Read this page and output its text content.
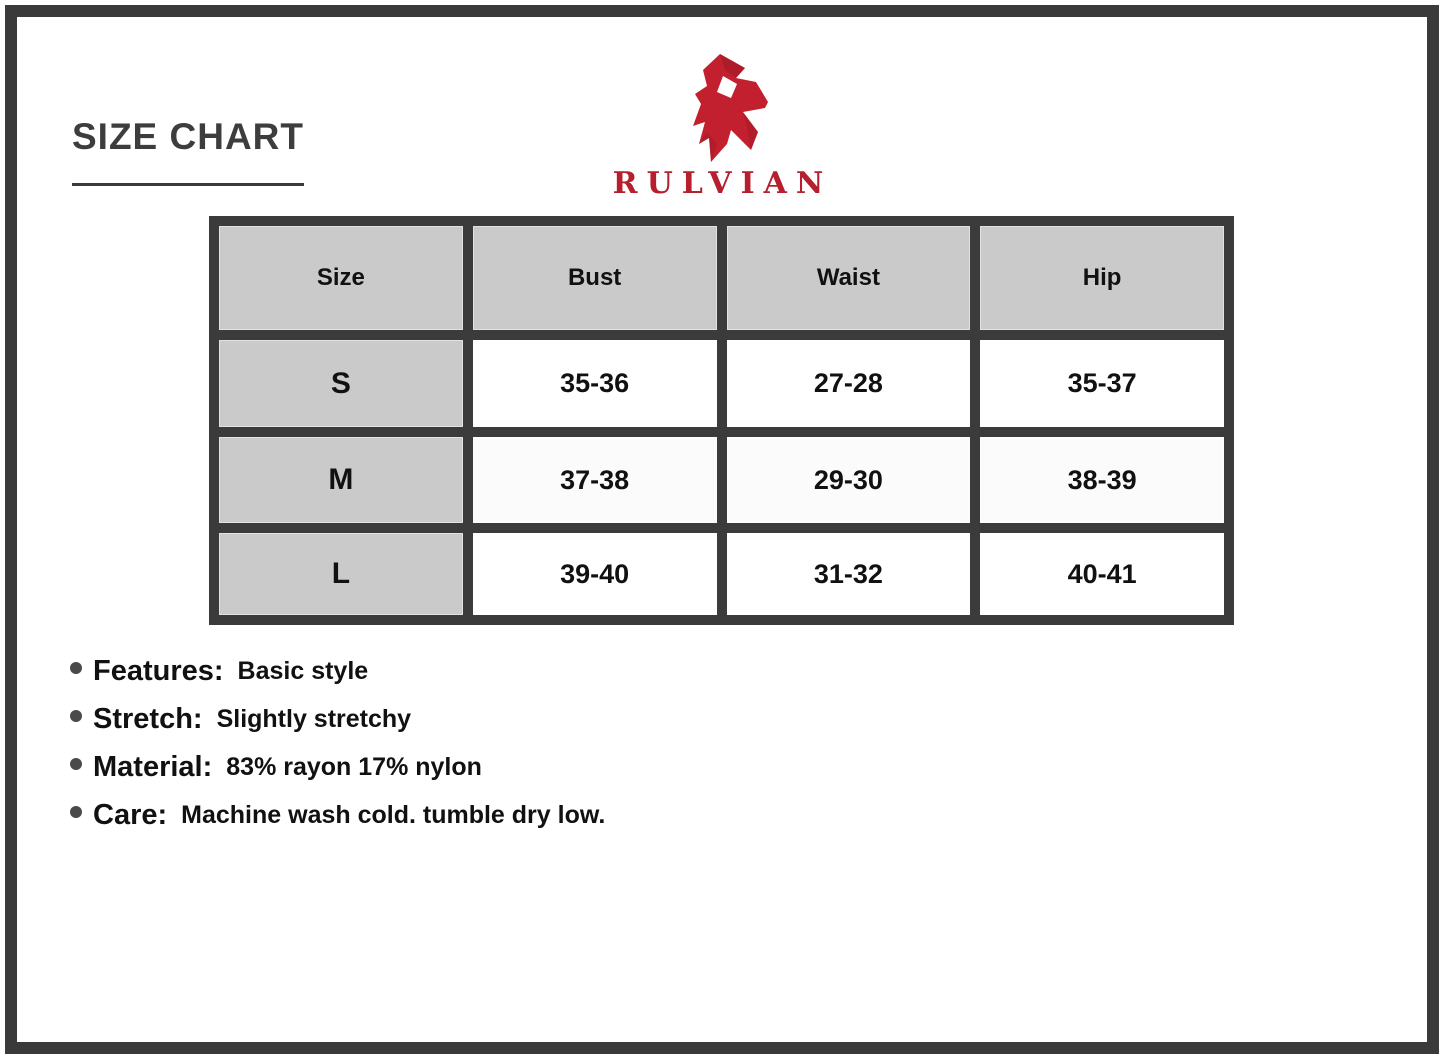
SIZE CHART
RULVIAN
Size	Bust	Waist	Hip
S	35-36	27-28	35-37
M	37-38	29-30	38-39
L	39-40	31-32	40-41
Features: Basic style
Stretch: Slightly stretchy
Material: 83% rayon 17% nylon
Care: Machine wash cold. tumble dry low.
